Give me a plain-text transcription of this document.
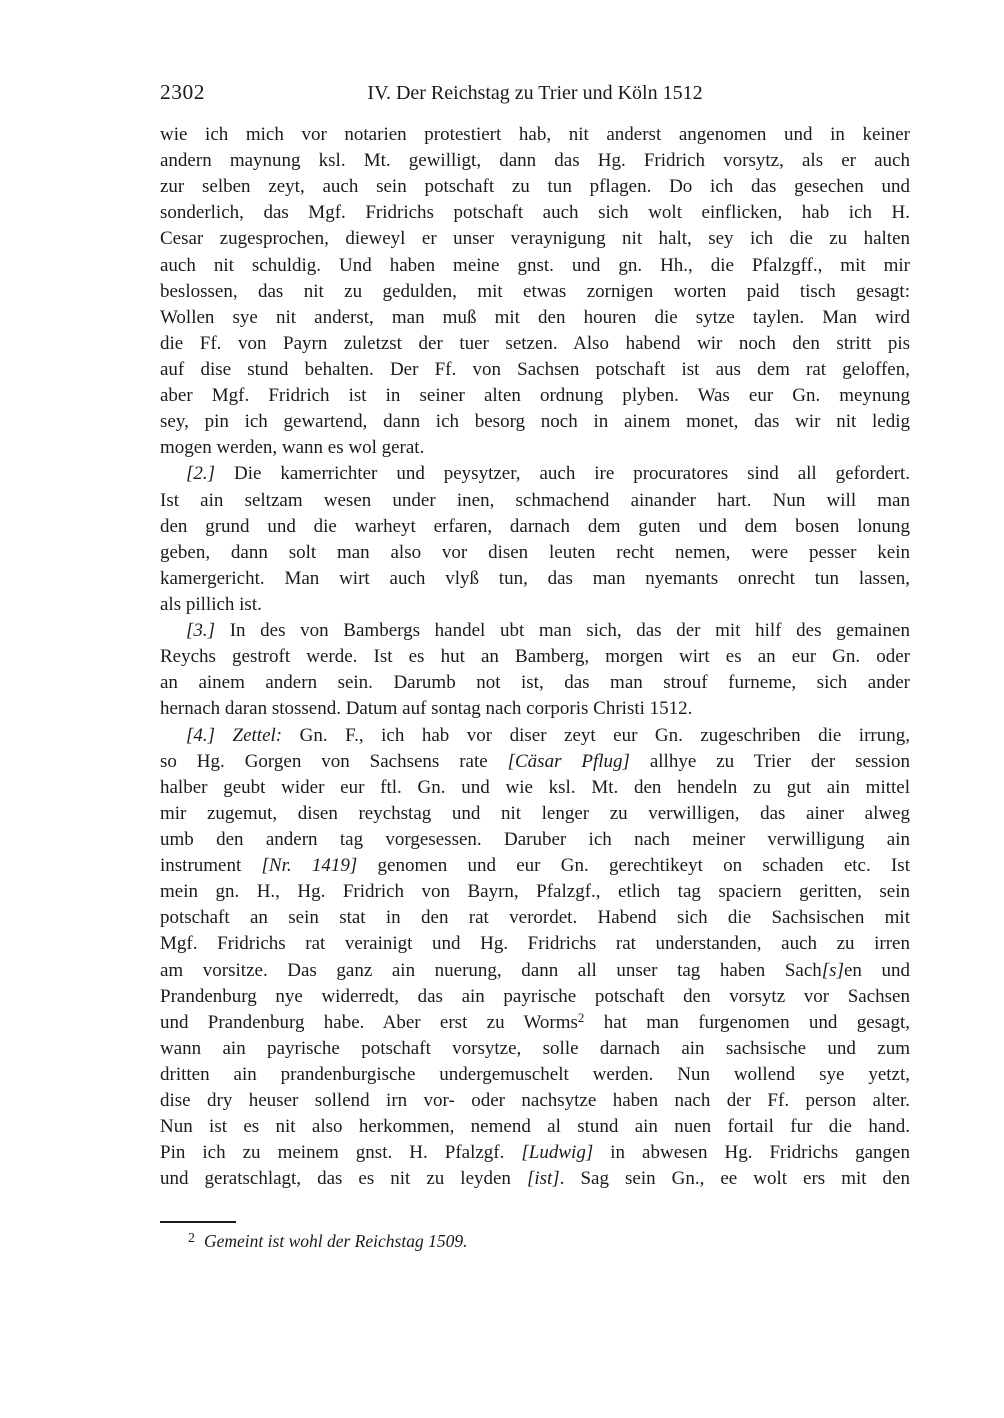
2302	IV. Der Reichstag zu Trier und Köln 1512
wie ich mich vor notarien protestiert hab, nit anderst angenomen und in keiner
andern maynung ksl. Mt. gewilligt, dann das Hg. Fridrich vorsytz, als er auch
zur selben zeyt, auch sein potschaft zu tun pflagen. Do ich das gesechen und
sonderlich, das Mgf. Fridrichs potschaft auch sich wolt einflicken, hab ich H.
Cesar zugesprochen, dieweyl er unser veraynigung nit halt, sey ich die zu halten
auch nit schuldig. Und haben meine gnst. und gn. Hh., die Pfalzgff., mit mir
beslossen, das nit zu gedulden, mit etwas zornigen worten paid tisch gesagt:
Wollen sye nit anderst, man muß mit den houren die sytze taylen. Man wird
die Ff. von Payrn zuletzst der tuer setzen. Also habend wir noch den stritt pis
auf dise stund behalten. Der Ff. von Sachsen potschaft ist aus dem rat geloffen,
aber Mgf. Fridrich ist in seiner alten ordnung plyben. Was eur Gn. meynung
sey, pin ich gewartend, dann ich besorg noch in ainem monet, das wir nit ledig
mogen werden, wann es wol gerat.
[2.] Die kamerrichter und peysytzer, auch ire procuratores sind all gefordert.
Ist ain seltzam wesen under inen, schmachend ainander hart. Nun will man
den grund und die warheyt erfaren, darnach dem guten und dem bosen lonung
geben, dann solt man also vor disen leuten recht nemen, were pesser kein
kamergericht. Man wirt auch vlyß tun, das man nyemants onrecht tun lassen,
als pillich ist.
[3.] In des von Bambergs handel ubt man sich, das der mit hilf des gemainen
Reychs gestroft werde. Ist es hut an Bamberg, morgen wirt es an eur Gn. oder
an ainem andern sein. Darumb not ist, das man strouf furneme, sich ander
hernach daran stossend. Datum auf sontag nach corporis Christi 1512.
[4.] Zettel: Gn. F., ich hab vor diser zeyt eur Gn. zugeschriben die irrung,
so Hg. Gorgen von Sachsens rate [Cäsar Pflug] allhye zu Trier der session
halber geubt wider eur ftl. Gn. und wie ksl. Mt. den hendeln zu gut ain mittel
mir zugemut, disen reychstag und nit lenger zu verwilligen, das ainer alweg
umb den andern tag vorgesessen. Daruber ich nach meiner verwilligung ain
instrument [Nr. 1419] genomen und eur Gn. gerechtikeyt on schaden etc. Ist
mein gn. H., Hg. Fridrich von Bayrn, Pfalzgf., etlich tag spaciern geritten, sein
potschaft an sein stat in den rat verordet. Habend sich die Sachsischen mit
Mgf. Fridrichs rat verainigt und Hg. Fridrichs rat understanden, auch zu irren
am vorsitze. Das ganz ain nuerung, dann all unser tag haben Sach[s]en und
Prandenburg nye widerredt, das ain payrische potschaft den vorsytz vor Sachsen
und Prandenburg habe. Aber erst zu Worms$^2$ hat man furgenomen und gesagt,
wann ain payrische potschaft vorsytze, solle darnach ain sachsische und zum
dritten ain prandenburgische undergemuschelt werden. Nun wollend sye yetzt,
dise dry heuser sollend irn vor- oder nachsytze haben nach der Ff. person alter.
Nun ist es nit also herkommen, nemend al stund ain nuen fortail fur die hand.
Pin ich zu meinem gnst. H. Pfalzgf. [Ludwig] in abwesen Hg. Fridrichs gangen
und geratschlagt, das es nit zu leyden [ist]. Sag sein Gn., ee wolt ers mit den
$^2$ Gemeint ist wohl der Reichstag 1509.
